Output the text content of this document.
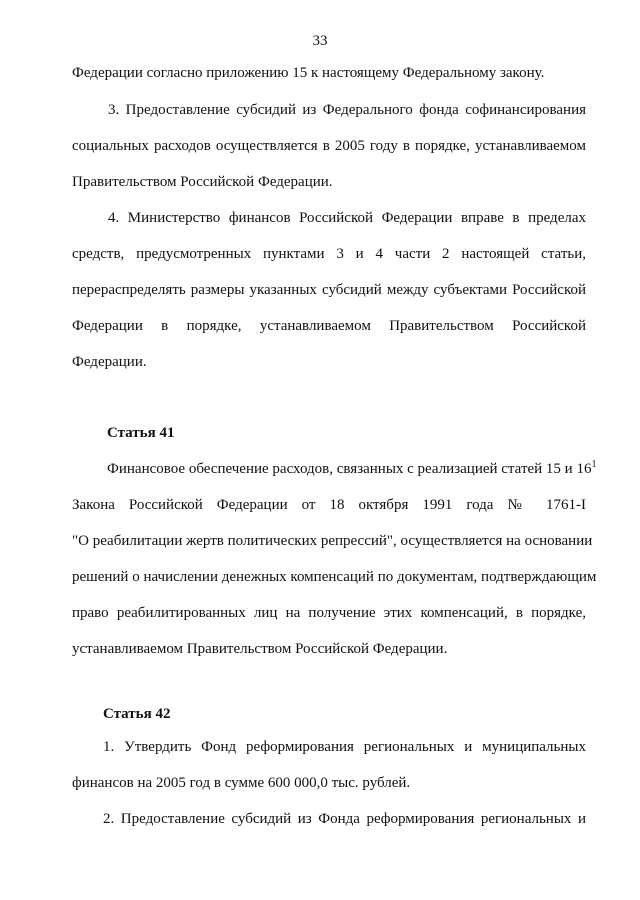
33
Федерации согласно приложению 15 к настоящему Федеральному закону.
3. Предоставление субсидий из Федерального фонда софинансирования
социальных расходов осуществляется в 2005 году в порядке, устанавливаемом
Правительством Российской Федерации.
4. Министерство финансов Российской Федерации вправе в пределах
средств, предусмотренных пунктами 3 и 4 части 2 настоящей статьи,
перераспределять размеры указанных субсидий между субъектами Российской
Федерации в порядке, устанавливаемом Правительством Российской
Федерации.
Статья 41
Финансовое обеспечение расходов, связанных с реализацией статей 15 и $16^1$
Закона Российской Федерации от 18 октября 1991 года № 1761-I
"О реабилитации жертв политических репрессий", осуществляется на основании
решений о начислении денежных компенсаций по документам, подтверждающим
право реабилитированных лиц на получение этих компенсаций, в порядке,
устанавливаемом Правительством Российской Федерации.
Статья 42
1. Утвердить Фонд реформирования региональных и муниципальных
финансов на 2005 год в сумме 600 000,0 тыс. рублей.
2. Предоставление субсидий из Фонда реформирования региональных и
